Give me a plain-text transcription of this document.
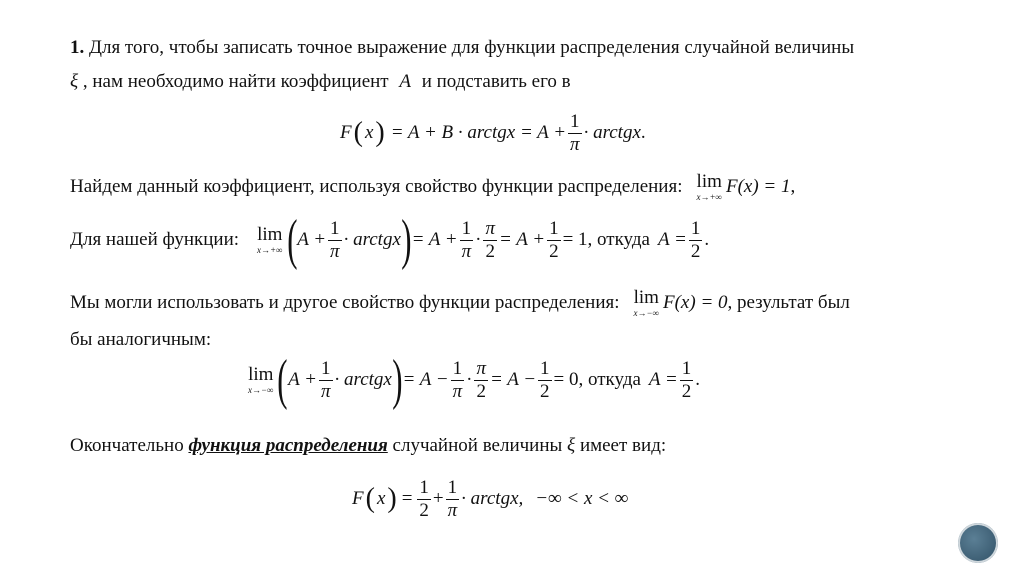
1. Для того, чтобы записать точное выражение для функции распределения случайной величины
ξ , нам необходимо найти коэффициент A и подставить его в
F ( x ) = A + B · arctgx = $A + \frac{1}{\pi}$ · arctgx .
Найдем данный коэффициент, используя свойство функции распределения: lim
x→+∞ F(x) = 1 ,
Для нашей функции: lim
x→+∞ ( $A + \frac{1}{\pi}$ · arctgx ) = $A + \frac{1}{\pi} \cdot \frac{\pi}{2} = A + \frac{1}{2} = 1$ , откуда $A = \frac{1}{2}$ .
Мы могли использовать и другое свойство функции распределения: lim
x→−∞ F(x) = 0 , результат был
бы аналогичным:
lim
x→−∞ ( $A + \frac{1}{\pi}$ · arctgx ) = $A - \frac{1}{\pi} \cdot \frac{\pi}{2} = A - \frac{1}{2} = 0$ , откуда $A = \frac{1}{2}$ .
Окончательно функция распределения случайной величины ξ имеет вид:
F ( x ) = $\frac{1}{2} + \frac{1}{\pi}$ · arctgx, −∞ < x < ∞
